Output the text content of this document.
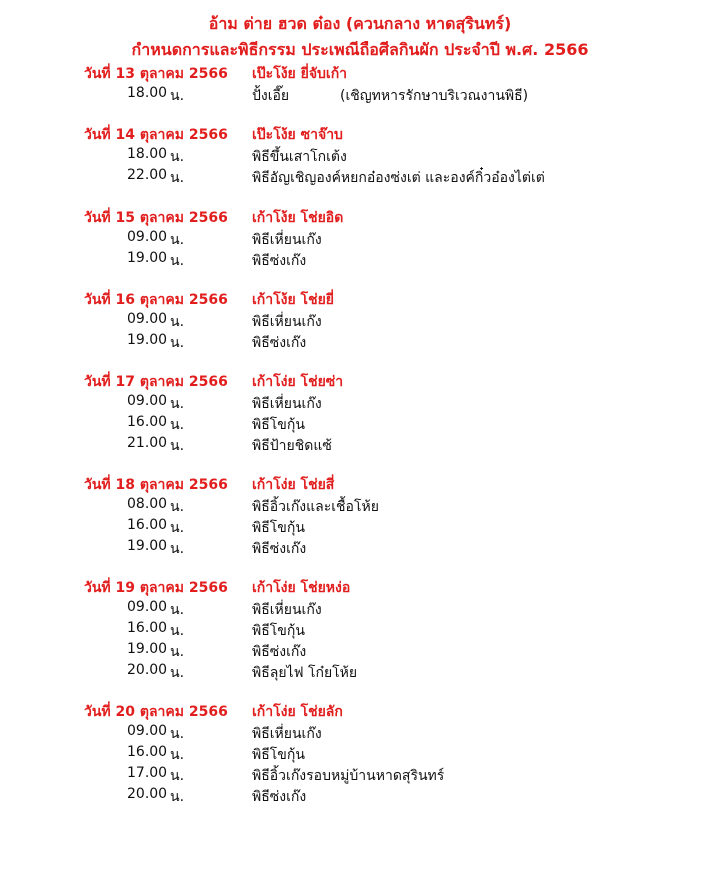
อ้าม ต่าย ฮวด ต๋อง (ควนกลาง หาดสุรินทร์)
กำหนดการและพิธีกรรม ประเพณีถือศีลกินผัก ประจำปี พ.ศ. 2566
วันที่ 13 ตุลาคม 2566 เป๊ะโง้ย ยี่จับเก้า
18.00 น.	ปั้งเอี๊ย	(เชิญทหารรักษาบริเวณงานพิธี)
วันที่ 14 ตุลาคม 2566 เป๊ะโง้ย ซาจ๊าบ
18.00 น.	พิธีขึ้นเสาโกเต้ง
22.00 น.	พิธีอัญเชิญองค์หยกอ๋องซ่งเต่ และองค์กิ๋วอ๋องไต่เต่
วันที่ 15 ตุลาคม 2566 เก้าโง้ย โช่ยอิด
09.00 น.	พิธีเหี่ยนเก๊ง
19.00 น.	พิธีซ่งเก๊ง
วันที่ 16 ตุลาคม 2566 เก้าโง้ย โช่ยยี่
09.00 น.	พิธีเหี่ยนเก๊ง
19.00 น.	พิธีซ่งเก๊ง
วันที่ 17 ตุลาคม 2566 เก้าโง่ย โช่ยซ่า
09.00 น.	พิธีเหี่ยนเก๊ง
16.00 น.	พิธีโขกุ้น
21.00 น.	พิธีป้ายชิดแซ้
วันที่ 18 ตุลาคม 2566 เก้าโง่ย โช่ยสี่
08.00 น.	พิธีอิ้วเก๊งและเชื้อโห้ย
16.00 น.	พิธีโขกุ้น
19.00 น.	พิธีซ่งเก๊ง
วันที่ 19 ตุลาคม 2566 เก้าโง่ย โช่ยหง่อ
09.00 น.	พิธีเหี่ยนเก๊ง
16.00 น.	พิธีโขกุ้น
19.00 น.	พิธีซ่งเก๊ง
20.00 น.	พิธีลุยไฟ โก๋ยโห้ย
วันที่ 20 ตุลาคม 2566 เก้าโง่ย โช่ยลัก
09.00 น.	พิธีเหี่ยนเก๊ง
16.00 น.	พิธีโขกุ้น
17.00 น.	พิธีอิ้วเก๊งรอบหมู่บ้านหาดสุรินทร์
20.00 น.	พิธีซ่งเก๊ง
